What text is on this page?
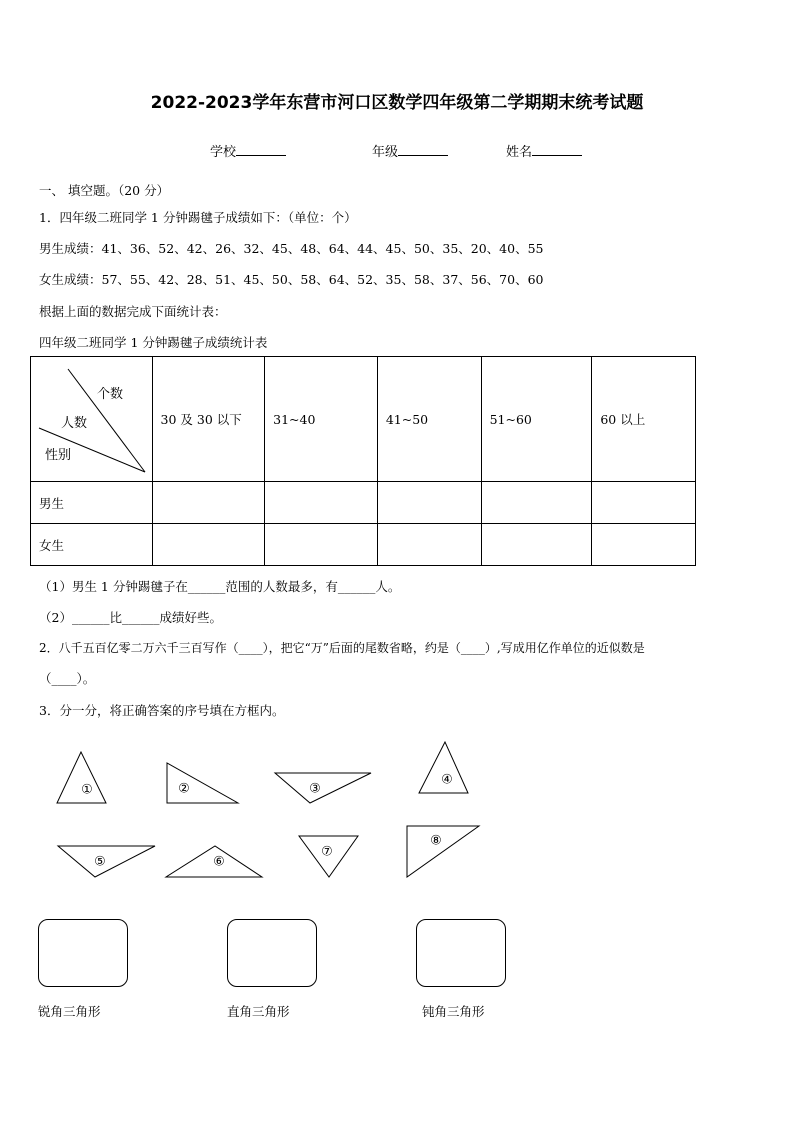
2022-2023学年东营市河口区数学四年级第二学期期末统考试题
学校	年级	姓名
一、 填空题。（20 分）
1．四年级二班同学 1 分钟踢毽子成绩如下：（单位：个）
男生成绩：41、36、52、42、26、32、45、48、64、44、45、50、35、20、40、55
女生成绩：57、55、42、28、51、45、50、58、64、52、35、58、37、56、70、60
根据上面的数据完成下面统计表：
四年级二班同学 1 分钟踢毽子成绩统计表
个数
人数
性别	30 及 30 以下	31~40	41~50	51~60	60 以上
男生					
女生					
（1）男生 1 分钟踢毽子在______范围的人数最多，有______人。
（2）______比______成绩好些。
2．八千五百亿零二万六千三百写作（____），把它“万”后面的尾数省略，约是（____）,写成用亿作单位的近似数是
（____）。
3．分一分，将正确答案的序号填在方框内。
①	②	③
④
⑤	⑥
⑦
⑧
锐角三角形	直角三角形	钝角三角形
